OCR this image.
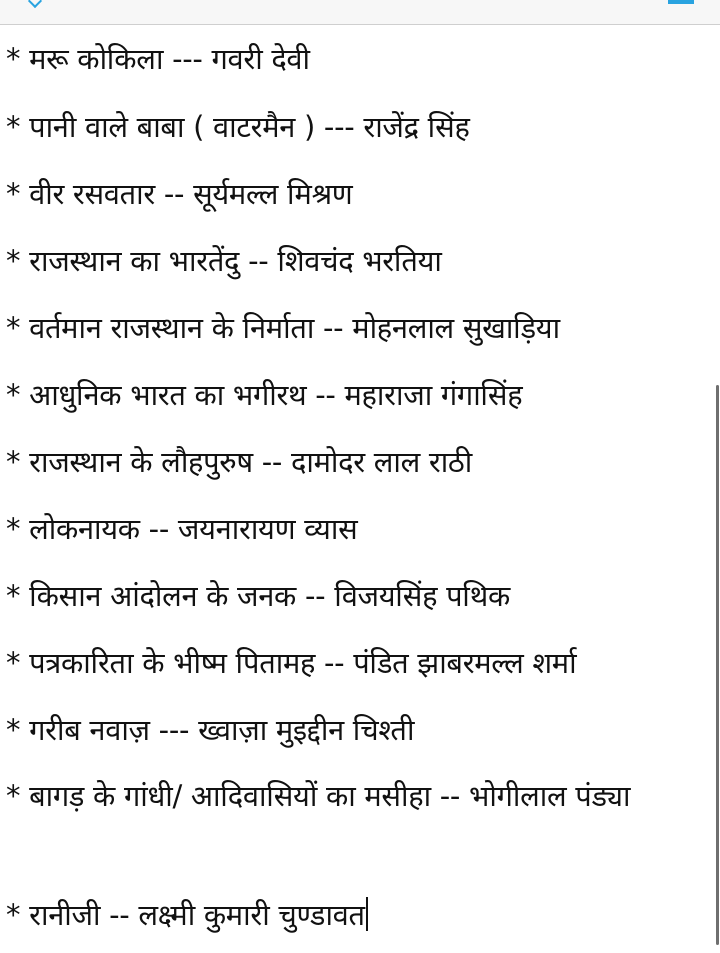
* मरू कोकिला --- गवरी देवी
* पानी वाले बाबा ( वाटरमैन ) --- राजेंद्र सिंह
* वीर रसवतार -- सूर्यमल्ल मिश्रण
* राजस्थान का भारतेंदु -- शिवचंद भरतिया
* वर्तमान राजस्थान के निर्माता -- मोहनलाल सुखाड़िया
* आधुनिक भारत का भगीरथ -- महाराजा गंगासिंह
* राजस्थान के लौहपुरुष -- दामोदर लाल राठी
* लोकनायक -- जयनारायण व्यास
* किसान आंदोलन के जनक -- विजयसिंह पथिक
* पत्रकारिता के भीष्म पितामह -- पंडित झाबरमल्ल शर्मा
* गरीब नवाज़ --- ख्वाज़ा मुइद्दीन चिश्ती
* बागड़ के गांधी/ आदिवासियों का मसीहा -- भोगीलाल पंड्या
* रानीजी -- लक्ष्मी कुमारी चुण्डावत
